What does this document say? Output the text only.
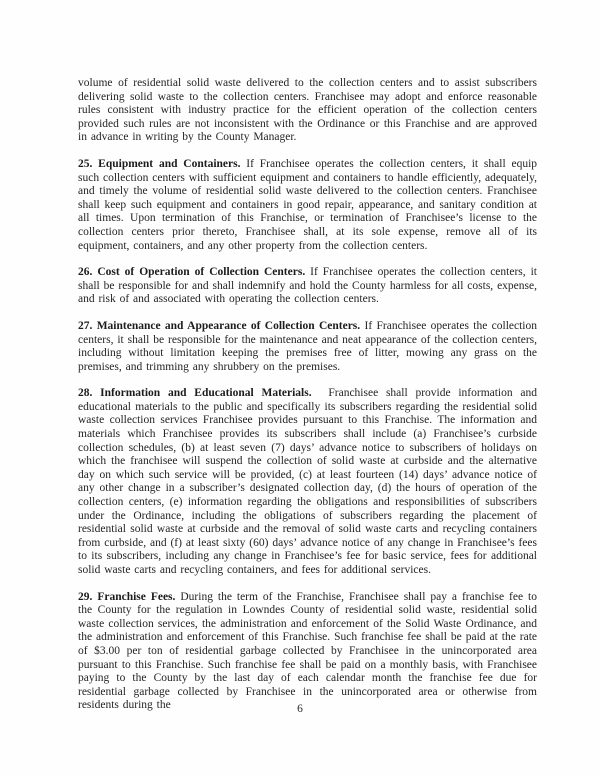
volume of residential solid waste delivered to the collection centers and to assist subscribers delivering solid waste to the collection centers. Franchisee may adopt and enforce reasonable rules consistent with industry practice for the efficient operation of the collection centers provided such rules are not inconsistent with the Ordinance or this Franchise and are approved in advance in writing by the County Manager.

25. Equipment and Containers. If Franchisee operates the collection centers, it shall equip such collection centers with sufficient equipment and containers to handle efficiently, adequately, and timely the volume of residential solid waste delivered to the collection centers. Franchisee shall keep such equipment and containers in good repair, appearance, and sanitary condition at all times. Upon termination of this Franchise, or termination of Franchisee’s license to the collection centers prior thereto, Franchisee shall, at its sole expense, remove all of its equipment, containers, and any other property from the collection centers.

26. Cost of Operation of Collection Centers. If Franchisee operates the collection centers, it shall be responsible for and shall indemnify and hold the County harmless for all costs, expense, and risk of and associated with operating the collection centers.

27. Maintenance and Appearance of Collection Centers. If Franchisee operates the collection centers, it shall be responsible for the maintenance and neat appearance of the collection centers, including without limitation keeping the premises free of litter, mowing any grass on the premises, and trimming any shrubbery on the premises.

28. Information and Educational Materials. Franchisee shall provide information and educational materials to the public and specifically its subscribers regarding the residential solid waste collection services Franchisee provides pursuant to this Franchise. The information and materials which Franchisee provides its subscribers shall include (a) Franchisee’s curbside collection schedules, (b) at least seven (7) days’ advance notice to subscribers of holidays on which the franchisee will suspend the collection of solid waste at curbside and the alternative day on which such service will be provided, (c) at least fourteen (14) days’ advance notice of any other change in a subscriber’s designated collection day, (d) the hours of operation of the collection centers, (e) information regarding the obligations and responsibilities of subscribers under the Ordinance, including the obligations of subscribers regarding the placement of residential solid waste at curbside and the removal of solid waste carts and recycling containers from curbside, and (f) at least sixty (60) days’ advance notice of any change in Franchisee’s fees to its subscribers, including any change in Franchisee’s fee for basic service, fees for additional solid waste carts and recycling containers, and fees for additional services.

29. Franchise Fees. During the term of the Franchise, Franchisee shall pay a franchise fee to the County for the regulation in Lowndes County of residential solid waste, residential solid waste collection services, the administration and enforcement of the Solid Waste Ordinance, and the administration and enforcement of this Franchise. Such franchise fee shall be paid at the rate of $3.00 per ton of residential garbage collected by Franchisee in the unincorporated area pursuant to this Franchise. Such franchise fee shall be paid on a monthly basis, with Franchisee paying to the County by the last day of each calendar month the franchise fee due for residential garbage collected by Franchisee in the unincorporated area or otherwise from residents during the	6
